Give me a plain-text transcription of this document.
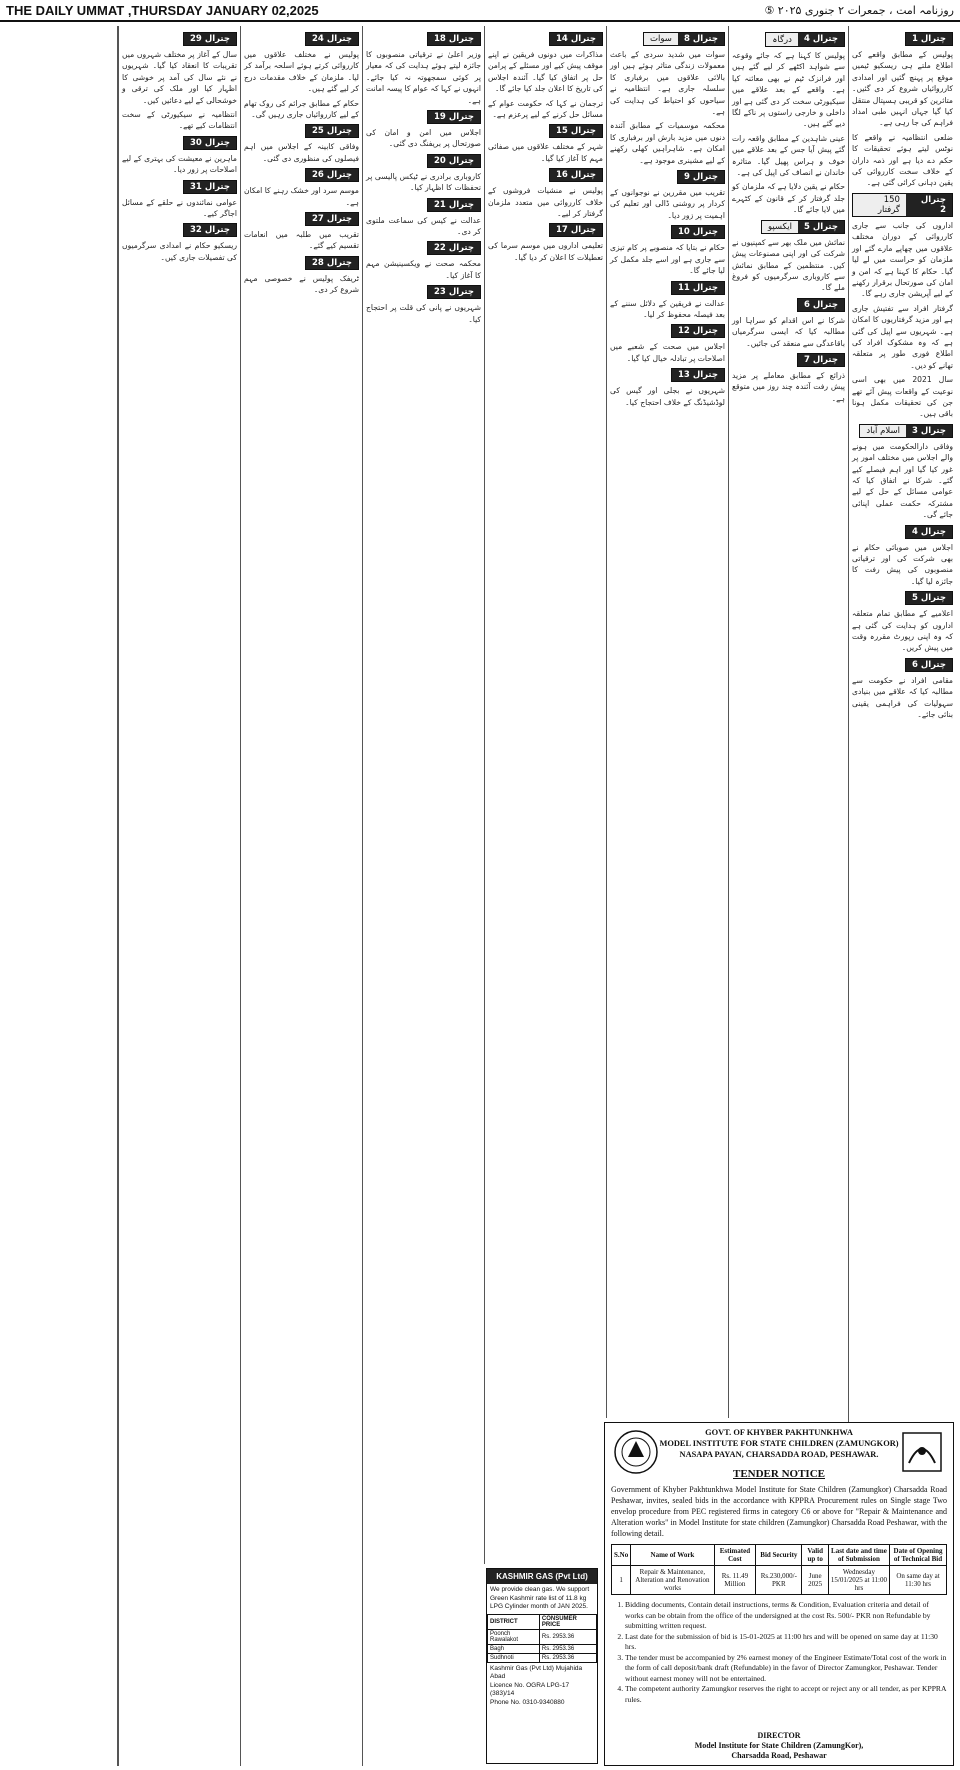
THE DAILY UMMAT ,THURSDAY JANUARY 02,2025	روزنامہ امت ، جمعرات ۲ جنوری ۲۰۲۵ ⑤
چترال 1

پولیس کے مطابق واقعے کی اطلاع ملتے ہی ریسکیو ٹیمیں موقع پر پہنچ گئیں اور امدادی کارروائیاں شروع کر دی گئیں۔ متاثرین کو قریبی ہسپتال منتقل کیا گیا جہاں انہیں طبی امداد فراہم کی جا رہی ہے۔

ضلعی انتظامیہ نے واقعے کا نوٹس لیتے ہوئے تحقیقات کا حکم دے دیا ہے اور ذمہ داران کے خلاف سخت کارروائی کی یقین دہانی کرائی گئی ہے۔

چترال 2
150 گرفتار

اداروں کی جانب سے جاری کارروائی کے دوران مختلف علاقوں میں چھاپے مارے گئے اور ملزمان کو حراست میں لے لیا گیا۔ حکام کا کہنا ہے کہ امن و امان کی صورتحال برقرار رکھنے کے لیے آپریشن جاری رہے گا۔

گرفتار افراد سے تفتیش جاری ہے اور مزید گرفتاریوں کا امکان ہے۔ شہریوں سے اپیل کی گئی ہے کہ وہ مشکوک افراد کی اطلاع فوری طور پر متعلقہ تھانے کو دیں۔

سال 2021 میں بھی اسی نوعیت کے واقعات پیش آئے تھے جن کی تحقیقات مکمل ہونا باقی ہیں۔

چترال 3
اسلام آباد

وفاقی دارالحکومت میں ہونے والے اجلاس میں مختلف امور پر غور کیا گیا اور اہم فیصلے کیے گئے۔ شرکا نے اتفاق کیا کہ عوامی مسائل کے حل کے لیے مشترکہ حکمت عملی اپنائی جائے گی۔

چترال 4

اجلاس میں صوبائی حکام نے بھی شرکت کی اور ترقیاتی منصوبوں کی پیش رفت کا جائزہ لیا گیا۔

چترال 5

اعلامیے کے مطابق تمام متعلقہ اداروں کو ہدایت کی گئی ہے کہ وہ اپنی رپورٹ مقررہ وقت میں پیش کریں۔

چترال 6

مقامی افراد نے حکومت سے مطالبہ کیا کہ علاقے میں بنیادی سہولیات کی فراہمی یقینی بنائی جائے۔

چترال 4
درگاہ

پولیس کا کہنا ہے کہ جائے وقوعہ سے شواہد اکٹھے کر لیے گئے ہیں اور فرانزک ٹیم نے بھی معائنہ کیا ہے۔ واقعے کے بعد علاقے میں سیکیورٹی سخت کر دی گئی ہے اور داخلی و خارجی راستوں پر ناکے لگا دیے گئے ہیں۔

عینی شاہدین کے مطابق واقعہ رات گئے پیش آیا جس کے بعد علاقے میں خوف و ہراس پھیل گیا۔ متاثرہ خاندان نے انصاف کی اپیل کی ہے۔

حکام نے یقین دلایا ہے کہ ملزمان کو جلد گرفتار کر کے قانون کے کٹہرے میں لایا جائے گا۔

چترال 5
ایکسپو

نمائش میں ملک بھر سے کمپنیوں نے شرکت کی اور اپنی مصنوعات پیش کیں۔ منتظمین کے مطابق نمائش سے کاروباری سرگرمیوں کو فروغ ملے گا۔

چترال 6

شرکا نے اس اقدام کو سراہا اور مطالبہ کیا کہ ایسی سرگرمیاں باقاعدگی سے منعقد کی جائیں۔

چترال 7

ذرائع کے مطابق معاملے پر مزید پیش رفت آئندہ چند روز میں متوقع ہے۔

چترال 8
سوات

سوات میں شدید سردی کے باعث معمولات زندگی متاثر ہوئے ہیں اور بالائی علاقوں میں برفباری کا سلسلہ جاری ہے۔ انتظامیہ نے سیاحوں کو احتیاط کی ہدایت کی ہے۔

محکمہ موسمیات کے مطابق آئندہ دنوں میں مزید بارش اور برفباری کا امکان ہے۔ شاہراہیں کھلی رکھنے کے لیے مشینری موجود ہے۔

چترال 9

تقریب میں مقررین نے نوجوانوں کے کردار پر روشنی ڈالی اور تعلیم کی اہمیت پر زور دیا۔

چترال 10

حکام نے بتایا کہ منصوبے پر کام تیزی سے جاری ہے اور اسے جلد مکمل کر لیا جائے گا۔

چترال 11

عدالت نے فریقین کے دلائل سننے کے بعد فیصلہ محفوظ کر لیا۔

چترال 12

اجلاس میں صحت کے شعبے میں اصلاحات پر تبادلہ خیال کیا گیا۔

چترال 13

شہریوں نے بجلی اور گیس کی لوڈشیڈنگ کے خلاف احتجاج کیا۔

چترال 14

مذاکرات میں دونوں فریقین نے اپنے موقف پیش کیے اور مسئلے کے پرامن حل پر اتفاق کیا گیا۔ آئندہ اجلاس کی تاریخ کا اعلان جلد کیا جائے گا۔

ترجمان نے کہا کہ حکومت عوام کے مسائل حل کرنے کے لیے پرعزم ہے۔

چترال 15

شہر کے مختلف علاقوں میں صفائی مہم کا آغاز کیا گیا۔

چترال 16

پولیس نے منشیات فروشوں کے خلاف کارروائی میں متعدد ملزمان گرفتار کر لیے۔

چترال 17

تعلیمی اداروں میں موسم سرما کی تعطیلات کا اعلان کر دیا گیا۔

چترال 18

وزیر اعلیٰ نے ترقیاتی منصوبوں کا جائزہ لیتے ہوئے ہدایت کی کہ معیار پر کوئی سمجھوتہ نہ کیا جائے۔ انہوں نے کہا کہ عوام کا پیسہ امانت ہے۔

چترال 19

اجلاس میں امن و امان کی صورتحال پر بریفنگ دی گئی۔

چترال 20

کاروباری برادری نے ٹیکس پالیسی پر تحفظات کا اظہار کیا۔

چترال 21

عدالت نے کیس کی سماعت ملتوی کر دی۔

چترال 22

محکمہ صحت نے ویکسینیشن مہم کا آغاز کیا۔

چترال 23

شہریوں نے پانی کی قلت پر احتجاج کیا۔

چترال 24

پولیس نے مختلف علاقوں میں کارروائی کرتے ہوئے اسلحہ برآمد کر لیا۔ ملزمان کے خلاف مقدمات درج کر لیے گئے ہیں۔

حکام کے مطابق جرائم کی روک تھام کے لیے کارروائیاں جاری رہیں گی۔

چترال 25

وفاقی کابینہ کے اجلاس میں اہم فیصلوں کی منظوری دی گئی۔

چترال 26

موسم سرد اور خشک رہنے کا امکان ہے۔

چترال 27

تقریب میں طلبہ میں انعامات تقسیم کیے گئے۔

چترال 28

ٹریفک پولیس نے خصوصی مہم شروع کر دی۔

چترال 29

سال کے آغاز پر مختلف شہروں میں تقریبات کا انعقاد کیا گیا۔ شہریوں نے نئے سال کی آمد پر خوشی کا اظہار کیا اور ملک کی ترقی و خوشحالی کے لیے دعائیں کیں۔

انتظامیہ نے سیکیورٹی کے سخت انتظامات کیے تھے۔

چترال 30

ماہرین نے معیشت کی بہتری کے لیے اصلاحات پر زور دیا۔

چترال 31

عوامی نمائندوں نے حلقے کے مسائل اجاگر کیے۔

چترال 32

ریسکیو حکام نے امدادی سرگرمیوں کی تفصیلات جاری کیں۔

KASHMIR GAS (Pvt Ltd)
We provide clean gas. We support Green Kashmir rate list of 11.8 kg LPG Cylinder month of JAN 2025.
DISTRICT	CONSUMER PRICE
Poonch Rawalakot	Rs. 2953.36
Bagh	Rs. 2953.36
Sudhnoti	Rs. 2953.36
Kashmir Gas (Pvt Ltd) Mujahida Abad
Licence No. OGRA LPG-17 (383)/14
Phone No. 0310-9340880
GOVT. OF KHYBER PAKHTUNKHWA
MODEL INSTITUTE FOR STATE CHILDREN (ZAMUNGKOR)
NASAPA PAYAN, CHARSADDA ROAD, PESHAWAR.
TENDER NOTICE
Government of Khyber Pakhtunkhwa Model Institute for State Children (Zamungkor) Charsadda Road Peshawar, invites, sealed bids in the accordance with KPPRA Procurement rules on Single stage Two envelop procedure from PEC registered firms in category C6 or above for "Repair & Maintenance and Alteration works" in Model Institute for state children (Zamungkor) Charsadda Road Peshawar, with the following detail.
S.No	Name of Work	Estimated Cost	Bid Security	Valid up to	Last date and time of Submission	Date of Opening of Technical Bid
1	Repair & Maintenance, Alteration and Renovation works	Rs. 11.49 Million	Rs.230,000/- PKR	June 2025	Wednesday 15/01/2025 at 11:00 hrs	On same day at 11:30 hrs
1. Bidding documents, Contain detail instructions, terms & Condition, Evaluation criteria and detail of works can be obtain from the office of the undersigned at the cost Rs. 500/- PKR non Refundable by submitting written request.
2. Last date for the submission of bid is 15-01-2025 at 11:00 hrs and will be opened on same day at 11:30 hrs.
3. The tender must be accompanied by 2% earnest money of the Engineer Estimate/Total cost of the work in the form of call deposit/bank draft (Refundable) in the favor of Director Zamungkor, Peshawar. Tender without earnest money will not be entertained.
4. The competent authority Zamungkor reserves the right to accept or reject any or all tender, as per KPPRA rules.
DIRECTOR
Model Institute for State Children (ZamungKor),
Charsadda Road, Peshawar
